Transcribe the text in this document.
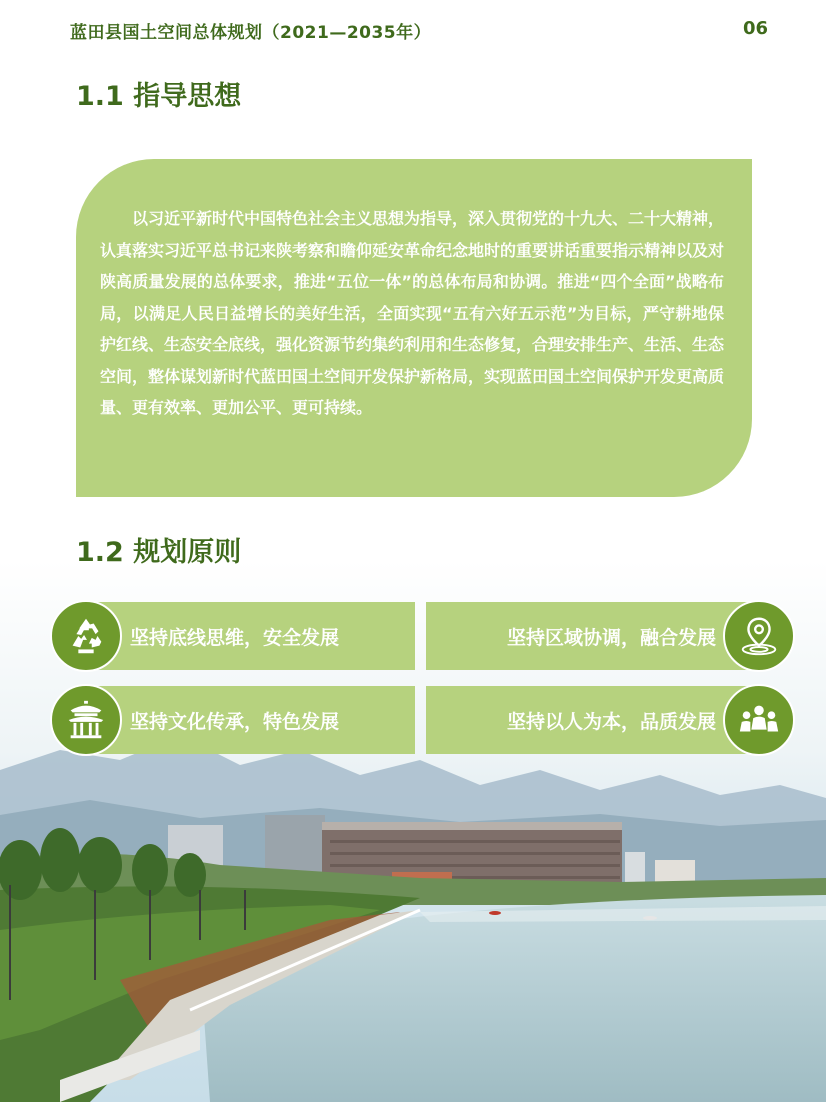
蓝田县国土空间总体规划（2021—2035年）	06
1.1 指导思想

以习近平新时代中国特色社会主义思想为指导，深入贯彻党的十九大、二十大精神，认真落实习近平总书记来陕考察和瞻仰延安革命纪念地时的重要讲话重要指示精神以及对陕高质量发展的总体要求，推进“五位一体”的总体布局和协调。推进“四个全面”战略布局，以满足人民日益增长的美好生活，全面实现“五有六好五示范”为目标，严守耕地保护红线、生态安全底线，强化资源节约集约利用和生态修复，合理安排生产、生活、生态空间，整体谋划新时代蓝田国土空间开发保护新格局，实现蓝田国土空间保护开发更高质量、更有效率、更加公平、更可持续。

1.2 规划原则
坚持底线思维，安全发展	坚持区域协调，融合发展
坚持文化传承，特色发展	坚持以人为本，品质发展
